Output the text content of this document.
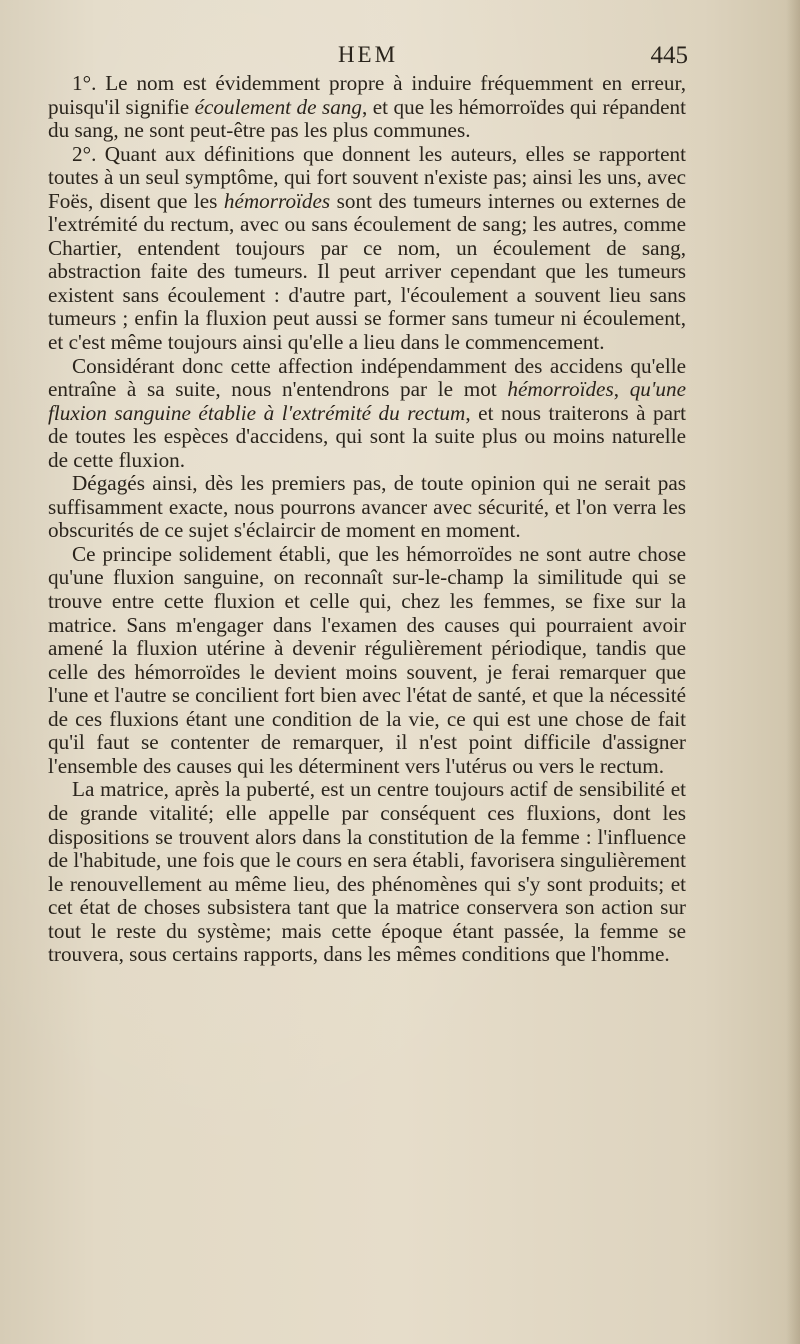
HEM	445

1°. Le nom est évidemment propre à induire fréquemment en erreur, puisqu'il signifie écoulement de sang, et que les hémorroïdes qui répandent du sang, ne sont peut-être pas les plus communes.

2°. Quant aux définitions que donnent les auteurs, elles se rapportent toutes à un seul symptôme, qui fort souvent n'existe pas; ainsi les uns, avec Foës, disent que les hémorroïdes sont des tumeurs internes ou externes de l'extrémité du rectum, avec ou sans écoulement de sang; les autres, comme Chartier, entendent toujours par ce nom, un écoulement de sang, abstraction faite des tumeurs. Il peut arriver cependant que les tumeurs existent sans écoulement : d'autre part, l'écoulement a souvent lieu sans tumeurs ; enfin la fluxion peut aussi se former sans tumeur ni écoulement, et c'est même toujours ainsi qu'elle a lieu dans le commencement.

Considérant donc cette affection indépendamment des accidens qu'elle entraîne à sa suite, nous n'entendrons par le mot hémorroïdes, qu'une fluxion sanguine établie à l'extrémité du rectum, et nous traiterons à part de toutes les espèces d'accidens, qui sont la suite plus ou moins naturelle de cette fluxion.

Dégagés ainsi, dès les premiers pas, de toute opinion qui ne serait pas suffisamment exacte, nous pourrons avancer avec sécurité, et l'on verra les obscurités de ce sujet s'éclaircir de moment en moment.

Ce principe solidement établi, que les hémorroïdes ne sont autre chose qu'une fluxion sanguine, on reconnaît sur-le-champ la similitude qui se trouve entre cette fluxion et celle qui, chez les femmes, se fixe sur la matrice. Sans m'engager dans l'examen des causes qui pourraient avoir amené la fluxion utérine à devenir régulièrement périodique, tandis que celle des hémorroïdes le devient moins souvent, je ferai remarquer que l'une et l'autre se concilient fort bien avec l'état de santé, et que la nécessité de ces fluxions étant une condition de la vie, ce qui est une chose de fait qu'il faut se contenter de remarquer, il n'est point difficile d'assigner l'ensemble des causes qui les déterminent vers l'utérus ou vers le rectum.

La matrice, après la puberté, est un centre toujours actif de sensibilité et de grande vitalité; elle appelle par conséquent ces fluxions, dont les dispositions se trouvent alors dans la constitution de la femme : l'influence de l'habitude, une fois que le cours en sera établi, favorisera singulièrement le renouvellement au même lieu, des phénomènes qui s'y sont produits; et cet état de choses subsistera tant que la matrice conservera son action sur tout le reste du système; mais cette époque étant passée, la femme se trouvera, sous certains rapports, dans les mêmes conditions que l'homme.
